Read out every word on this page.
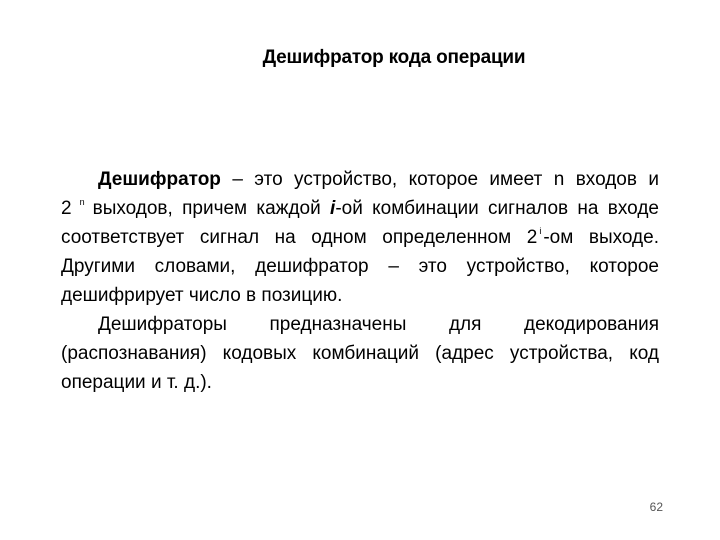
Дешифратор кода операции

Дешифратор – это устройство, которое имеет n входов и 2 $^n$ выходов, причем каждой i-ой комбинации сигналов на входе соответствует сигнал на одном определенном 2 $^i$ -ом выходе. Другими словами, дешифратор – это устройство, которое дешифрирует число в позицию.

Дешифраторы предназначены для декодирования (распознавания) кодовых комбинаций (адрес устройства, код операции и т. д.).

62
